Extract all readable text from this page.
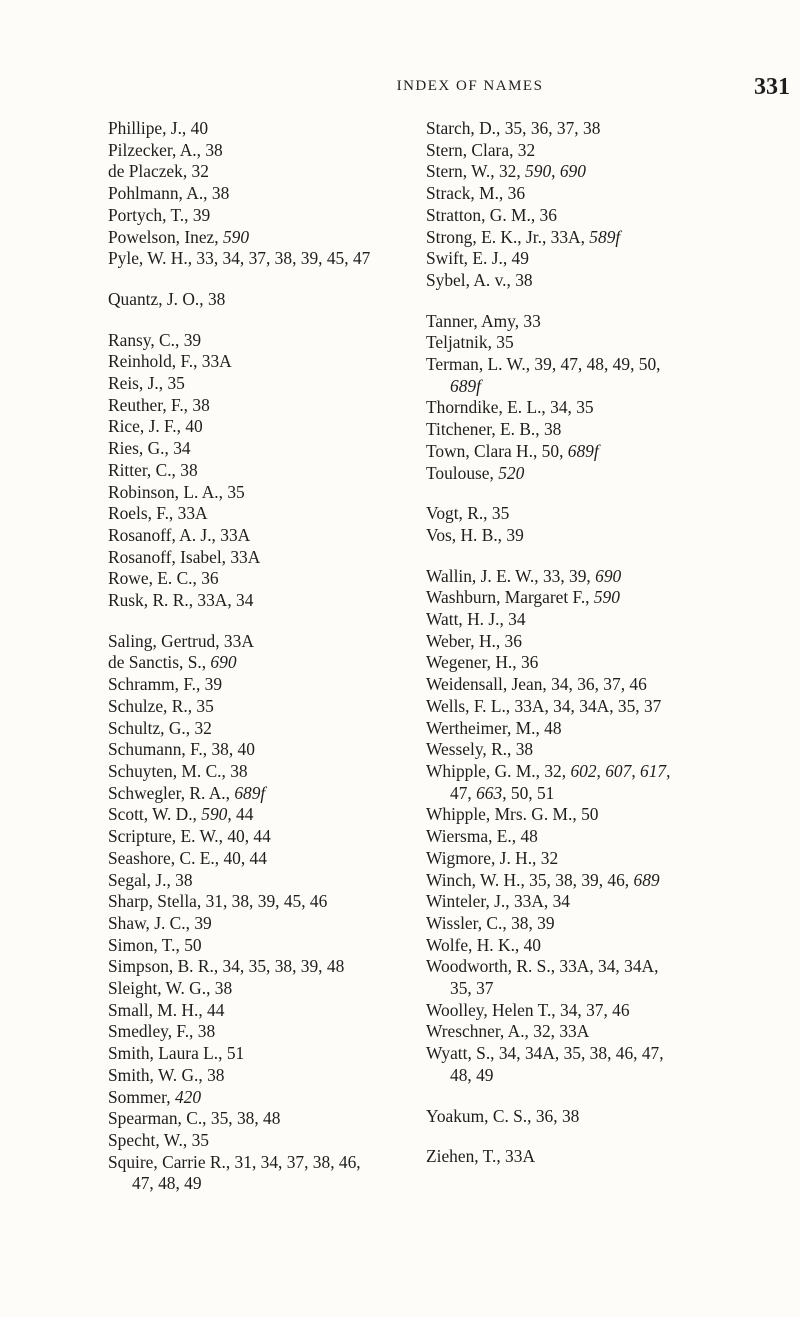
INDEX OF NAMES	331
Phillipe, J., 40
Pilzecker, A., 38
de Placzek, 32
Pohlmann, A., 38
Portych, T., 39
Powelson, Inez, 590
Pyle, W. H., 33, 34, 37, 38, 39, 45, 47
Quantz, J. O., 38
Ransy, C., 39
Reinhold, F., 33A
Reis, J., 35
Reuther, F., 38
Rice, J. F., 40
Ries, G., 34
Ritter, C., 38
Robinson, L. A., 35
Roels, F., 33A
Rosanoff, A. J., 33A
Rosanoff, Isabel, 33A
Rowe, E. C., 36
Rusk, R. R., 33A, 34
Saling, Gertrud, 33A
de Sanctis, S., 690
Schramm, F., 39
Schulze, R., 35
Schultz, G., 32
Schumann, F., 38, 40
Schuyten, M. C., 38
Schwegler, R. A., 689f
Scott, W. D., 590, 44
Scripture, E. W., 40, 44
Seashore, C. E., 40, 44
Segal, J., 38
Sharp, Stella, 31, 38, 39, 45, 46
Shaw, J. C., 39
Simon, T., 50
Simpson, B. R., 34, 35, 38, 39, 48
Sleight, W. G., 38
Small, M. H., 44
Smedley, F., 38
Smith, Laura L., 51
Smith, W. G., 38
Sommer, 420
Spearman, C., 35, 38, 48
Specht, W., 35
Squire, Carrie R., 31, 34, 37, 38, 46,
47, 48, 49
Starch, D., 35, 36, 37, 38
Stern, Clara, 32
Stern, W., 32, 590, 690
Strack, M., 36
Stratton, G. M., 36
Strong, E. K., Jr., 33A, 589f
Swift, E. J., 49
Sybel, A. v., 38
Tanner, Amy, 33
Teljatnik, 35
Terman, L. W., 39, 47, 48, 49, 50,
689f
Thorndike, E. L., 34, 35
Titchener, E. B., 38
Town, Clara H., 50, 689f
Toulouse, 520
Vogt, R., 35
Vos, H. B., 39
Wallin, J. E. W., 33, 39, 690
Washburn, Margaret F., 590
Watt, H. J., 34
Weber, H., 36
Wegener, H., 36
Weidensall, Jean, 34, 36, 37, 46
Wells, F. L., 33A, 34, 34A, 35, 37
Wertheimer, M., 48
Wessely, R., 38
Whipple, G. M., 32, 602, 607, 617,
47, 663, 50, 51
Whipple, Mrs. G. M., 50
Wiersma, E., 48
Wigmore, J. H., 32
Winch, W. H., 35, 38, 39, 46, 689
Winteler, J., 33A, 34
Wissler, C., 38, 39
Wolfe, H. K., 40
Woodworth, R. S., 33A, 34, 34A,
35, 37
Woolley, Helen T., 34, 37, 46
Wreschner, A., 32, 33A
Wyatt, S., 34, 34A, 35, 38, 46, 47,
48, 49
Yoakum, C. S., 36, 38
Ziehen, T., 33A
